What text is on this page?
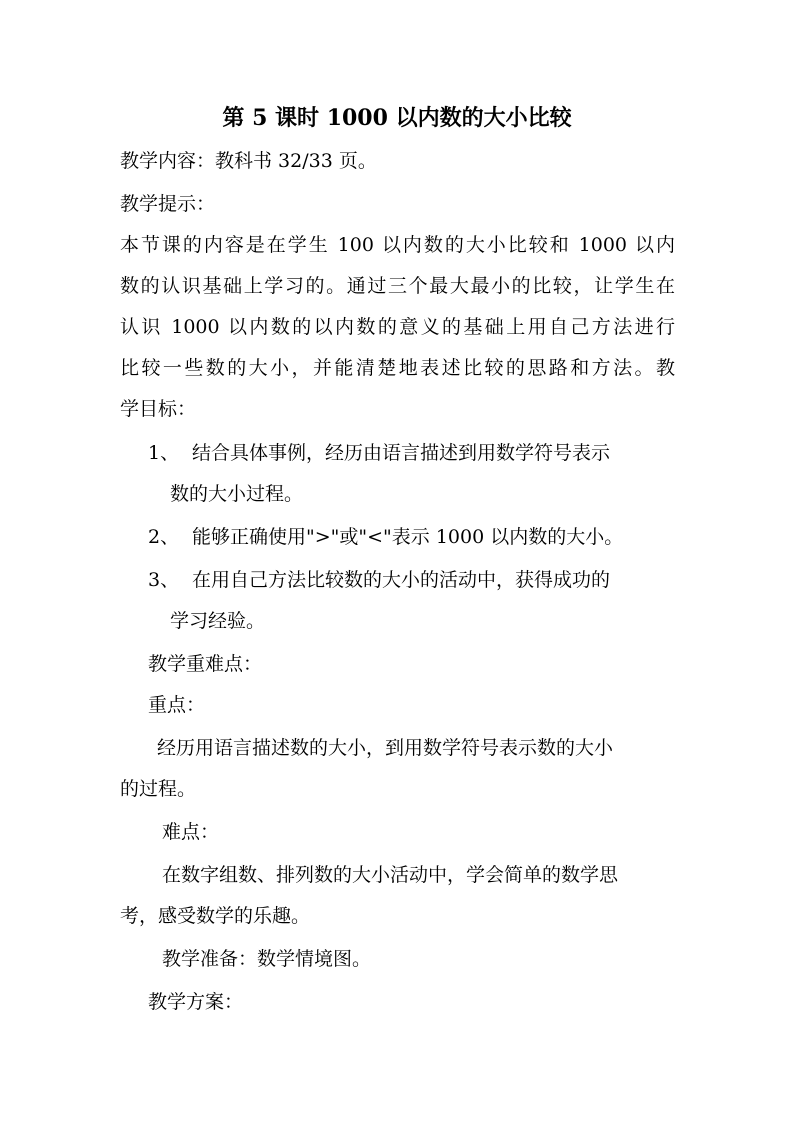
第 5 课时 1000 以内数的大小比较
教学内容：教科书 32/33 页。
教学提示：
本节课的内容是在学生 100 以内数的大小比较和 1000 以内
数的认识基础上学习的。通过三个最大最小的比较，让学生在
认识 1000 以内数的以内数的意义的基础上用自己方法进行
比较一些数的大小，并能清楚地表述比较的思路和方法。教
学目标：
1、 结合具体事例，经历由语言描述到用数学符号表示
数的大小过程。
2、 能够正确使用">"或"<"表示 1000 以内数的大小。
3、 在用自己方法比较数的大小的活动中，获得成功的
学习经验。
教学重难点：
重点：
经历用语言描述数的大小，到用数学符号表示数的大小
的过程。
难点：
在数字组数、排列数的大小活动中，学会简单的数学思
考，感受数学的乐趣。
教学准备：数学情境图。
教学方案：
